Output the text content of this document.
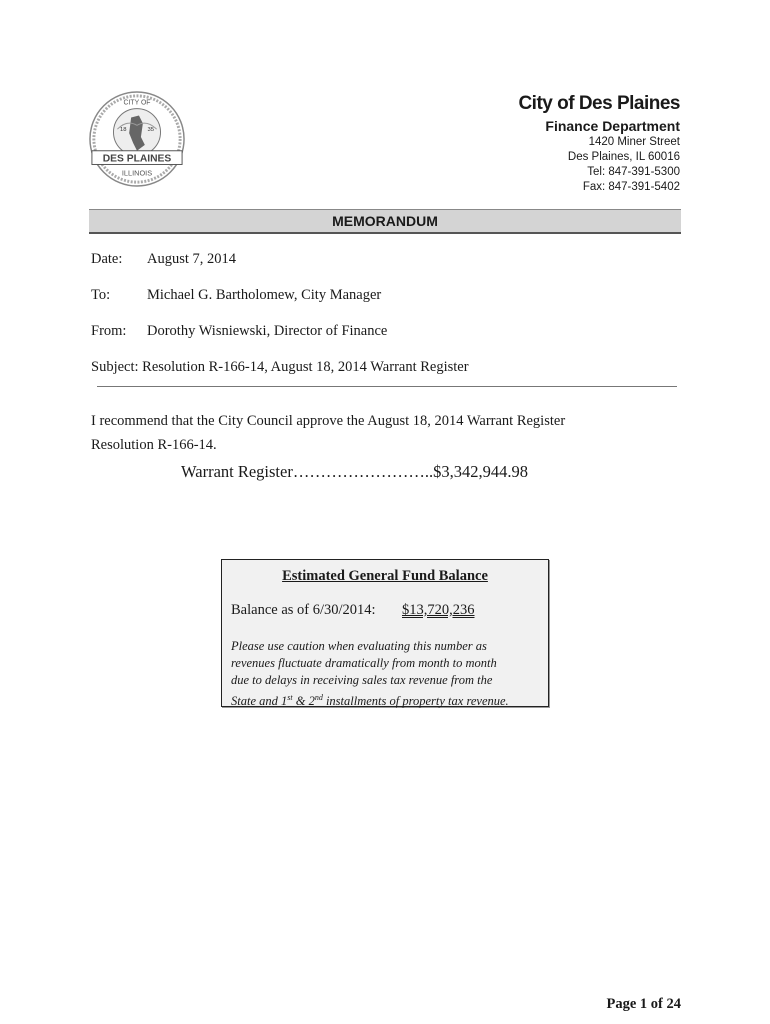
CITY OF
18	35
DES PLAINES
ILLINOIS
City of Des Plaines
Finance Department
1420 Miner Street
Des Plaines, IL 60016
Tel: 847-391-5300
Fax: 847-391-5402
MEMORANDUM
Date: August 7, 2014
To:	Michael G. Bartholomew, City Manager
From: Dorothy Wisniewski, Director of Finance
Subject: Resolution R-166-14, August 18, 2014 Warrant Register
I recommend that the City Council approve the August 18, 2014 Warrant Register
Resolution R-166-14.
Warrant Register……………………..$3,342,944.98
Estimated General Fund Balance
Balance as of 6/30/2014: $13,720,236
Please use caution when evaluating this number as
revenues fluctuate dramatically from month to month
due to delays in receiving sales tax revenue from the
State and 1st & 2nd installments of property tax revenue.
Page 1 of 24
